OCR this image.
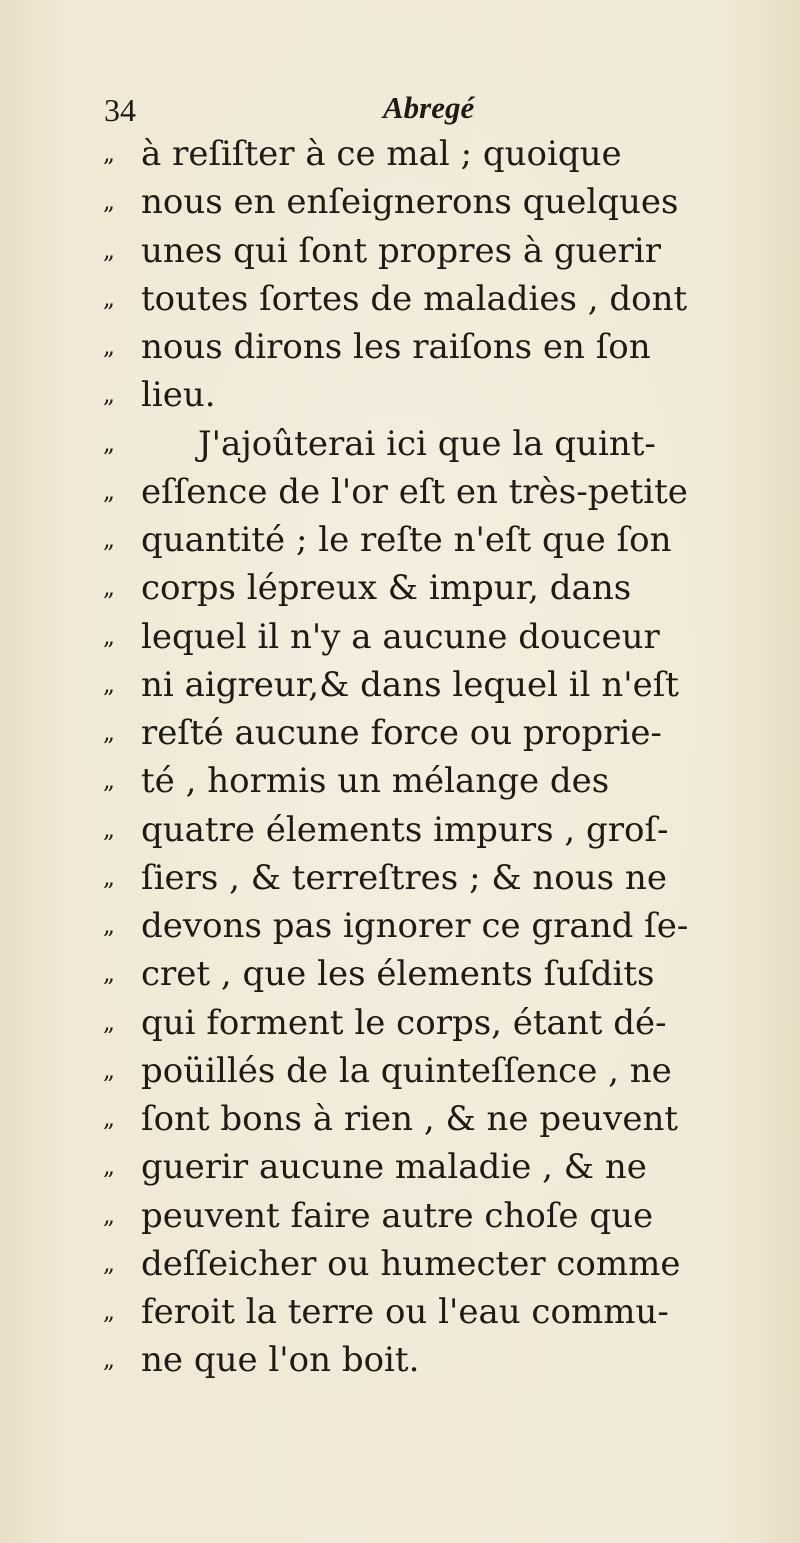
34	Abregé
„ à reſiſter à ce mal ; quoique
„ nous en enſeignerons quelques
„ unes qui ſont propres à guerir
„ toutes ſortes de maladies , dont
„ nous dirons les raiſons en ſon
„ lieu.
„	J'ajoûterai ici que la quint-
„ eſſence de l'or eſt en très-petite
„ quantité ; le reſte n'eſt que ſon
„ corps lépreux & impur, dans
„ lequel il n'y a aucune douceur
„ ni aigreur,& dans lequel il n'eſt
„ reſté aucune force ou proprie-
„ té , hormis un mélange des
„ quatre élements impurs , groſ-
„ ſiers , & terreſtres ; & nous ne
„ devons pas ignorer ce grand ſe-
„ cret , que les élements ſuſdits
„ qui forment le corps, étant dé-
„ poüillés de la quinteſſence , ne
„ ſont bons à rien , & ne peuvent
„ guerir aucune maladie , & ne
„ peuvent faire autre choſe que
„ deſſeicher ou humecter comme
„ feroit la terre ou l'eau commu-
„ ne que l'on boit.
